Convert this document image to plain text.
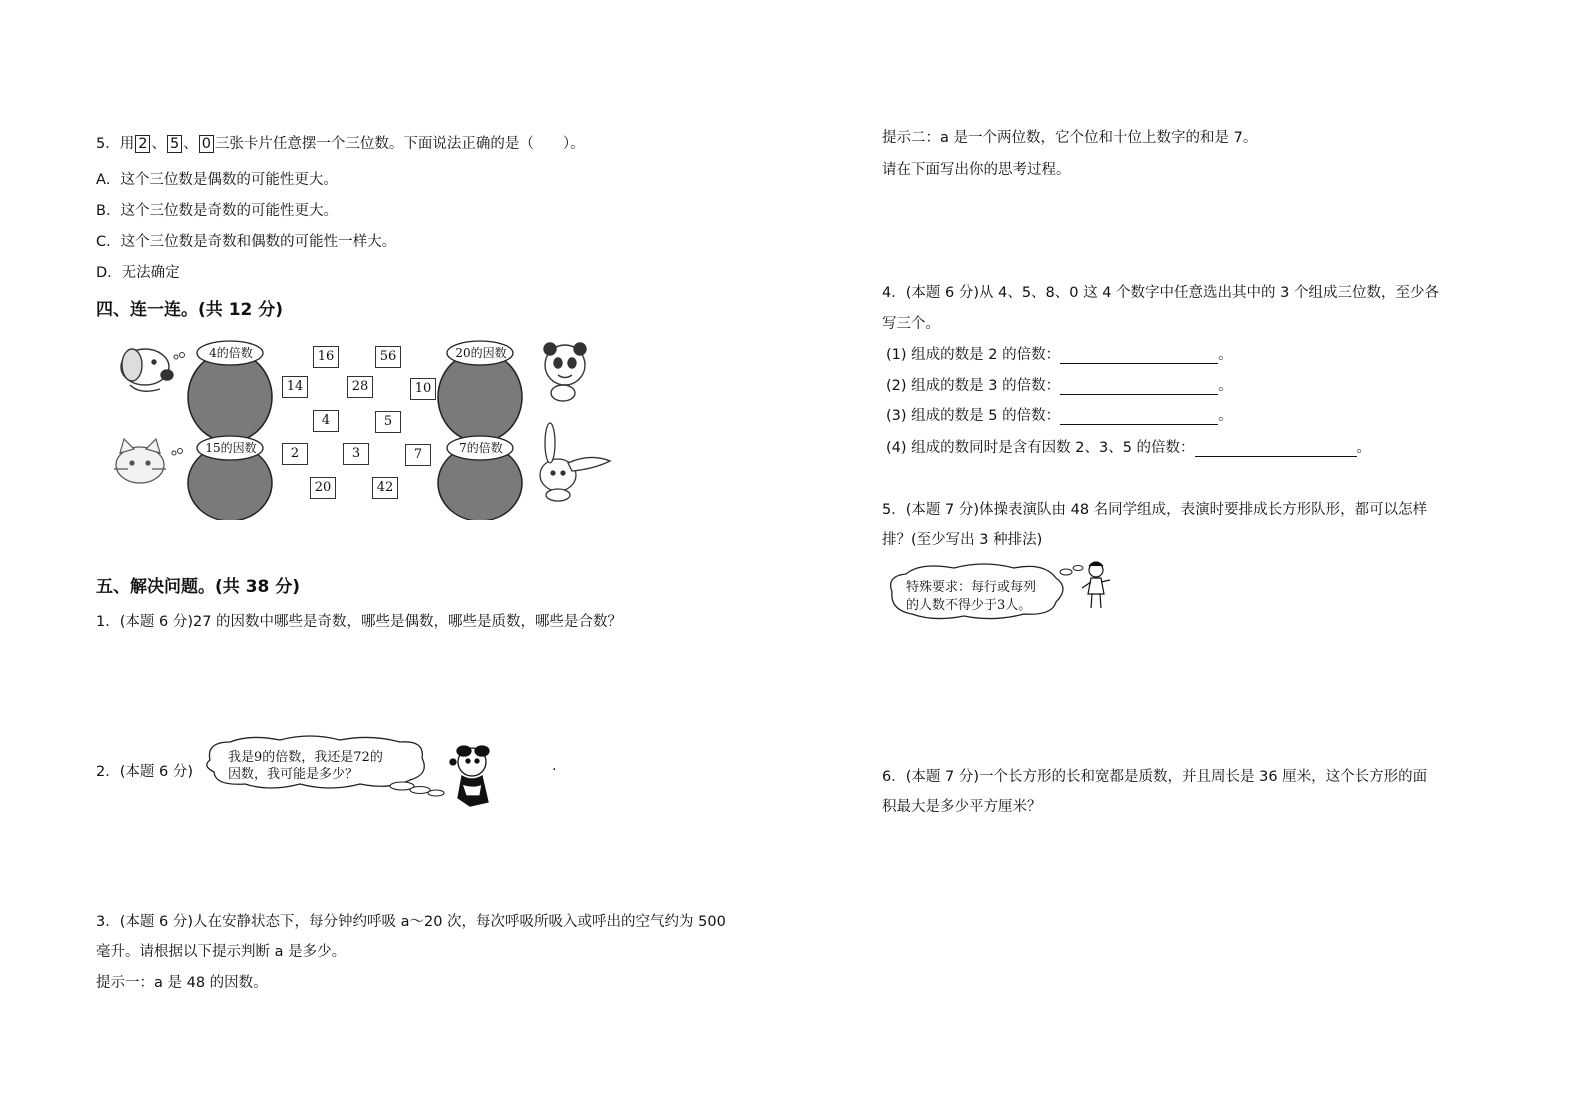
5．用 2 、 5 、 0 三张卡片任意摆一个三位数。下面说法正确的是（　　）。
A．这个三位数是偶数的可能性更大。
B．这个三位数是奇数的可能性更大。
C．这个三位数是奇数和偶数的可能性一样大。
D．无法确定
四、连一连。(共 12 分)
4的倍数	20的因数
15的因数	7的倍数
16	56
14	28	10
4	5
2	3	7
20	42
五、解决问题。(共 38 分)
1．(本题 6 分)27 的因数中哪些是奇数，哪些是偶数，哪些是质数，哪些是合数？
2．(本题 6 分)
我是9的倍数，我还是72的
因数，我可能是多少？
.
3．(本题 6 分)人在安静状态下，每分钟约呼吸 a～20 次，每次呼吸所吸入或呼出的空气约为 500
毫升。请根据以下提示判断 a 是多少。
提示一：a 是 48 的因数。
提示二：a 是一个两位数，它个位和十位上数字的和是 7。
请在下面写出你的思考过程。
4．(本题 6 分)从 4、5、8、0 这 4 个数字中任意选出其中的 3 个组成三位数，至少各
写三个。
(1) 组成的数是 2 的倍数：	。
(2) 组成的数是 3 的倍数：	。
(3) 组成的数是 5 的倍数：	。
(4) 组成的数同时是含有因数 2、3、5 的倍数：	。
5．(本题 7 分)体操表演队由 48 名同学组成，表演时要排成长方形队形，都可以怎样
排？(至少写出 3 种排法)
特殊要求：每行或每列
的人数不得少于3人。
6．(本题 7 分)一个长方形的长和宽都是质数，并且周长是 36 厘米，这个长方形的面
积最大是多少平方厘米？
